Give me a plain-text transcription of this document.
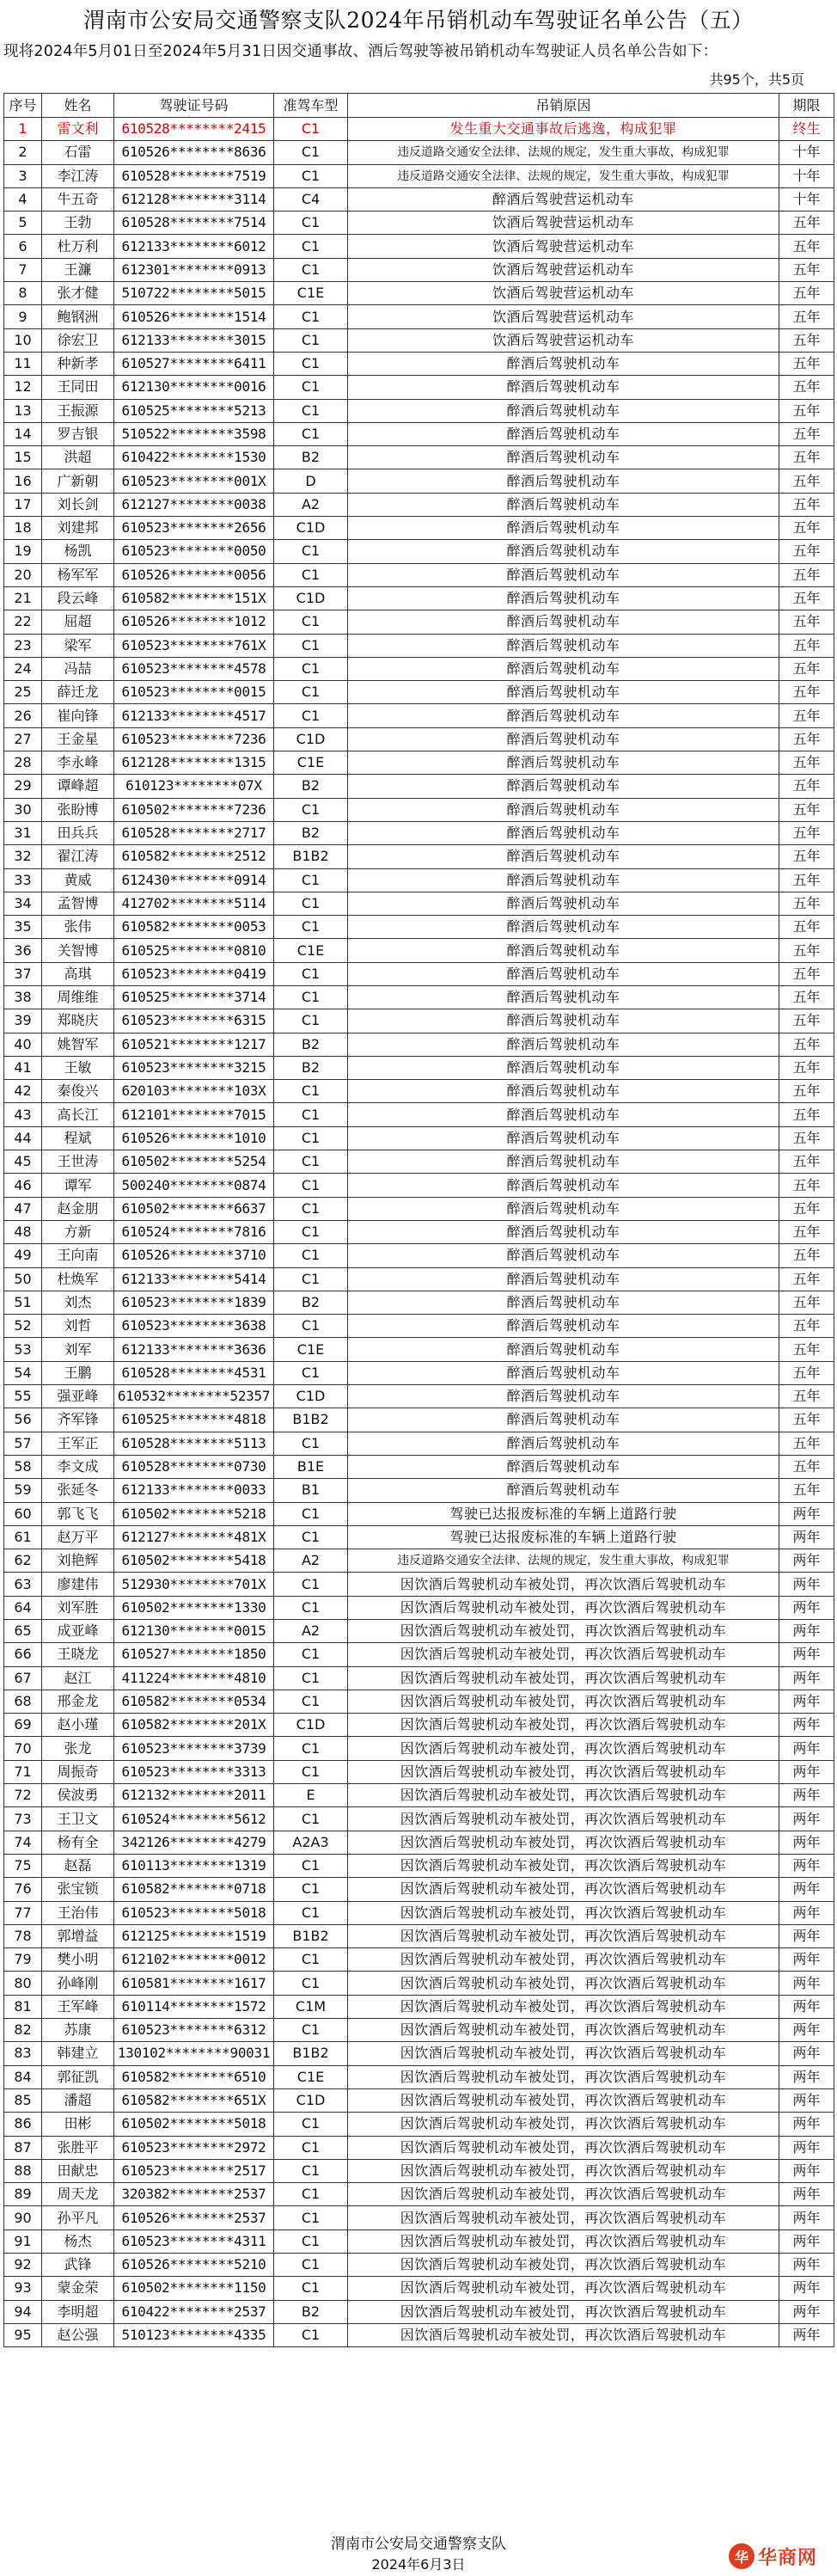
渭南市公安局交通警察支队2024年吊销机动车驾驶证名单公告（五）
现将2024年5月01日至2024年5月31日因交通事故、酒后驾驶等被吊销机动车驾驶证人员名单公告如下：
共95个，共5页
序号	姓名	驾驶证号码	准驾车型	吊销原因	期限
1	雷文利	610528********2415	C1	发生重大交通事故后逃逸，构成犯罪	终生
2	石雷	610526********8636	C1	违反道路交通安全法律、法规的规定，发生重大事故，构成犯罪	十年
3	李江涛	610528********7519	C1	违反道路交通安全法律、法规的规定，发生重大事故，构成犯罪	十年
4	牛五奇	612128********3114	C4	醉酒后驾驶营运机动车	十年
5	王勃	610528********7514	C1	饮酒后驾驶营运机动车	五年
6	杜万利	612133********6012	C1	饮酒后驾驶营运机动车	五年
7	王濂	612301********0913	C1	饮酒后驾驶营运机动车	五年
8	张才健	510722********5015	C1E	饮酒后驾驶营运机动车	五年
9	鲍钢洲	610526********1514	C1	饮酒后驾驶营运机动车	五年
10	徐宏卫	612133********3015	C1	饮酒后驾驶营运机动车	五年
11	种新孝	610527********6411	C1	醉酒后驾驶机动车	五年
12	王同田	612130********0016	C1	醉酒后驾驶机动车	五年
13	王振源	610525********5213	C1	醉酒后驾驶机动车	五年
14	罗吉银	510522********3598	C1	醉酒后驾驶机动车	五年
15	洪超	610422********1530	B2	醉酒后驾驶机动车	五年
16	广新朝	610523********001X	D	醉酒后驾驶机动车	五年
17	刘长剑	612127********0038	A2	醉酒后驾驶机动车	五年
18	刘建邦	610523********2656	C1D	醉酒后驾驶机动车	五年
19	杨凯	610523********0050	C1	醉酒后驾驶机动车	五年
20	杨军军	610526********0056	C1	醉酒后驾驶机动车	五年
21	段云峰	610582********151X	C1D	醉酒后驾驶机动车	五年
22	屈超	610526********1012	C1	醉酒后驾驶机动车	五年
23	梁军	610523********761X	C1	醉酒后驾驶机动车	五年
24	冯喆	610523********4578	C1	醉酒后驾驶机动车	五年
25	薛迁龙	610523********0015	C1	醉酒后驾驶机动车	五年
26	崔向锋	612133********4517	C1	醉酒后驾驶机动车	五年
27	王金星	610523********7236	C1D	醉酒后驾驶机动车	五年
28	李永峰	612128********1315	C1E	醉酒后驾驶机动车	五年
29	谭峰超	610123********07X	B2	醉酒后驾驶机动车	五年
30	张盼博	610502********7236	C1	醉酒后驾驶机动车	五年
31	田兵兵	610528********2717	B2	醉酒后驾驶机动车	五年
32	翟江涛	610582********2512	B1B2	醉酒后驾驶机动车	五年
33	黄威	612430********0914	C1	醉酒后驾驶机动车	五年
34	孟智博	412702********5114	C1	醉酒后驾驶机动车	五年
35	张伟	610582********0053	C1	醉酒后驾驶机动车	五年
36	关智博	610525********0810	C1E	醉酒后驾驶机动车	五年
37	高琪	610523********0419	C1	醉酒后驾驶机动车	五年
38	周维维	610525********3714	C1	醉酒后驾驶机动车	五年
39	郑晓庆	610523********6315	C1	醉酒后驾驶机动车	五年
40	姚智军	610521********1217	B2	醉酒后驾驶机动车	五年
41	王敏	610523********3215	B2	醉酒后驾驶机动车	五年
42	秦俊兴	620103********103X	C1	醉酒后驾驶机动车	五年
43	高长江	612101********7015	C1	醉酒后驾驶机动车	五年
44	程斌	610526********1010	C1	醉酒后驾驶机动车	五年
45	王世涛	610502********5254	C1	醉酒后驾驶机动车	五年
46	谭军	500240********0874	C1	醉酒后驾驶机动车	五年
47	赵金朋	610502********6637	C1	醉酒后驾驶机动车	五年
48	方新	610524********7816	C1	醉酒后驾驶机动车	五年
49	王向南	610526********3710	C1	醉酒后驾驶机动车	五年
50	杜焕军	612133********5414	C1	醉酒后驾驶机动车	五年
51	刘杰	610523********1839	B2	醉酒后驾驶机动车	五年
52	刘哲	610523********3638	C1	醉酒后驾驶机动车	五年
53	刘军	612133********3636	C1E	醉酒后驾驶机动车	五年
54	王鹏	610528********4531	C1	醉酒后驾驶机动车	五年
55	强亚峰	610532********52357	C1D	醉酒后驾驶机动车	五年
56	齐军锋	610525********4818	B1B2	醉酒后驾驶机动车	五年
57	王军正	610528********5113	C1	醉酒后驾驶机动车	五年
58	李文成	610528********0730	B1E	醉酒后驾驶机动车	五年
59	张延冬	612133********0033	B1	醉酒后驾驶机动车	五年
60	郭飞飞	610502********5218	C1	驾驶已达报废标准的车辆上道路行驶	两年
61	赵万平	612127********481X	C1	驾驶已达报废标准的车辆上道路行驶	两年
62	刘艳辉	610502********5418	A2	违反道路交通安全法律、法规的规定，发生重大事故，构成犯罪	两年
63	廖建伟	512930********701X	C1	因饮酒后驾驶机动车被处罚，再次饮酒后驾驶机动车	两年
64	刘军胜	610502********1330	C1	因饮酒后驾驶机动车被处罚，再次饮酒后驾驶机动车	两年
65	成亚峰	612130********0015	A2	因饮酒后驾驶机动车被处罚，再次饮酒后驾驶机动车	两年
66	王晓龙	610527********1850	C1	因饮酒后驾驶机动车被处罚，再次饮酒后驾驶机动车	两年
67	赵江	411224********4810	C1	因饮酒后驾驶机动车被处罚，再次饮酒后驾驶机动车	两年
68	邢金龙	610582********0534	C1	因饮酒后驾驶机动车被处罚，再次饮酒后驾驶机动车	两年
69	赵小瑾	610582********201X	C1D	因饮酒后驾驶机动车被处罚，再次饮酒后驾驶机动车	两年
70	张龙	610523********3739	C1	因饮酒后驾驶机动车被处罚，再次饮酒后驾驶机动车	两年
71	周振奇	610523********3313	C1	因饮酒后驾驶机动车被处罚，再次饮酒后驾驶机动车	两年
72	侯波勇	612132********2011	E	因饮酒后驾驶机动车被处罚，再次饮酒后驾驶机动车	两年
73	王卫文	610524********5612	C1	因饮酒后驾驶机动车被处罚，再次饮酒后驾驶机动车	两年
74	杨有全	342126********4279	A2A3	因饮酒后驾驶机动车被处罚，再次饮酒后驾驶机动车	两年
75	赵磊	610113********1319	C1	因饮酒后驾驶机动车被处罚，再次饮酒后驾驶机动车	两年
76	张宝锁	610582********0718	C1	因饮酒后驾驶机动车被处罚，再次饮酒后驾驶机动车	两年
77	王治伟	610523********5018	C1	因饮酒后驾驶机动车被处罚，再次饮酒后驾驶机动车	两年
78	郭增益	612125********1519	B1B2	因饮酒后驾驶机动车被处罚，再次饮酒后驾驶机动车	两年
79	樊小明	612102********0012	C1	因饮酒后驾驶机动车被处罚，再次饮酒后驾驶机动车	两年
80	孙峰刚	610581********1617	C1	因饮酒后驾驶机动车被处罚，再次饮酒后驾驶机动车	两年
81	王军峰	610114********1572	C1M	因饮酒后驾驶机动车被处罚，再次饮酒后驾驶机动车	两年
82	苏康	610523********6312	C1	因饮酒后驾驶机动车被处罚，再次饮酒后驾驶机动车	两年
83	韩建立	130102********90031	B1B2	因饮酒后驾驶机动车被处罚，再次饮酒后驾驶机动车	两年
84	郭征凯	610582********6510	C1E	因饮酒后驾驶机动车被处罚，再次饮酒后驾驶机动车	两年
85	潘超	610582********651X	C1D	因饮酒后驾驶机动车被处罚，再次饮酒后驾驶机动车	两年
86	田彬	610502********5018	C1	因饮酒后驾驶机动车被处罚，再次饮酒后驾驶机动车	两年
87	张胜平	610523********2972	C1	因饮酒后驾驶机动车被处罚，再次饮酒后驾驶机动车	两年
88	田献忠	610523********2517	C1	因饮酒后驾驶机动车被处罚，再次饮酒后驾驶机动车	两年
89	周天龙	320382********2537	C1	因饮酒后驾驶机动车被处罚，再次饮酒后驾驶机动车	两年
90	孙平凡	610526********2537	C1	因饮酒后驾驶机动车被处罚，再次饮酒后驾驶机动车	两年
91	杨杰	610523********4311	C1	因饮酒后驾驶机动车被处罚，再次饮酒后驾驶机动车	两年
92	武锋	610526********5210	C1	因饮酒后驾驶机动车被处罚，再次饮酒后驾驶机动车	两年
93	蒙金荣	610502********1150	C1	因饮酒后驾驶机动车被处罚，再次饮酒后驾驶机动车	两年
94	李明超	610422********2537	B2	因饮酒后驾驶机动车被处罚，再次饮酒后驾驶机动车	两年
95	赵公强	510123********4335	C1	因饮酒后驾驶机动车被处罚，再次饮酒后驾驶机动车	两年
渭南市公安局交通警察支队
2024年6月3日	华 华商网
